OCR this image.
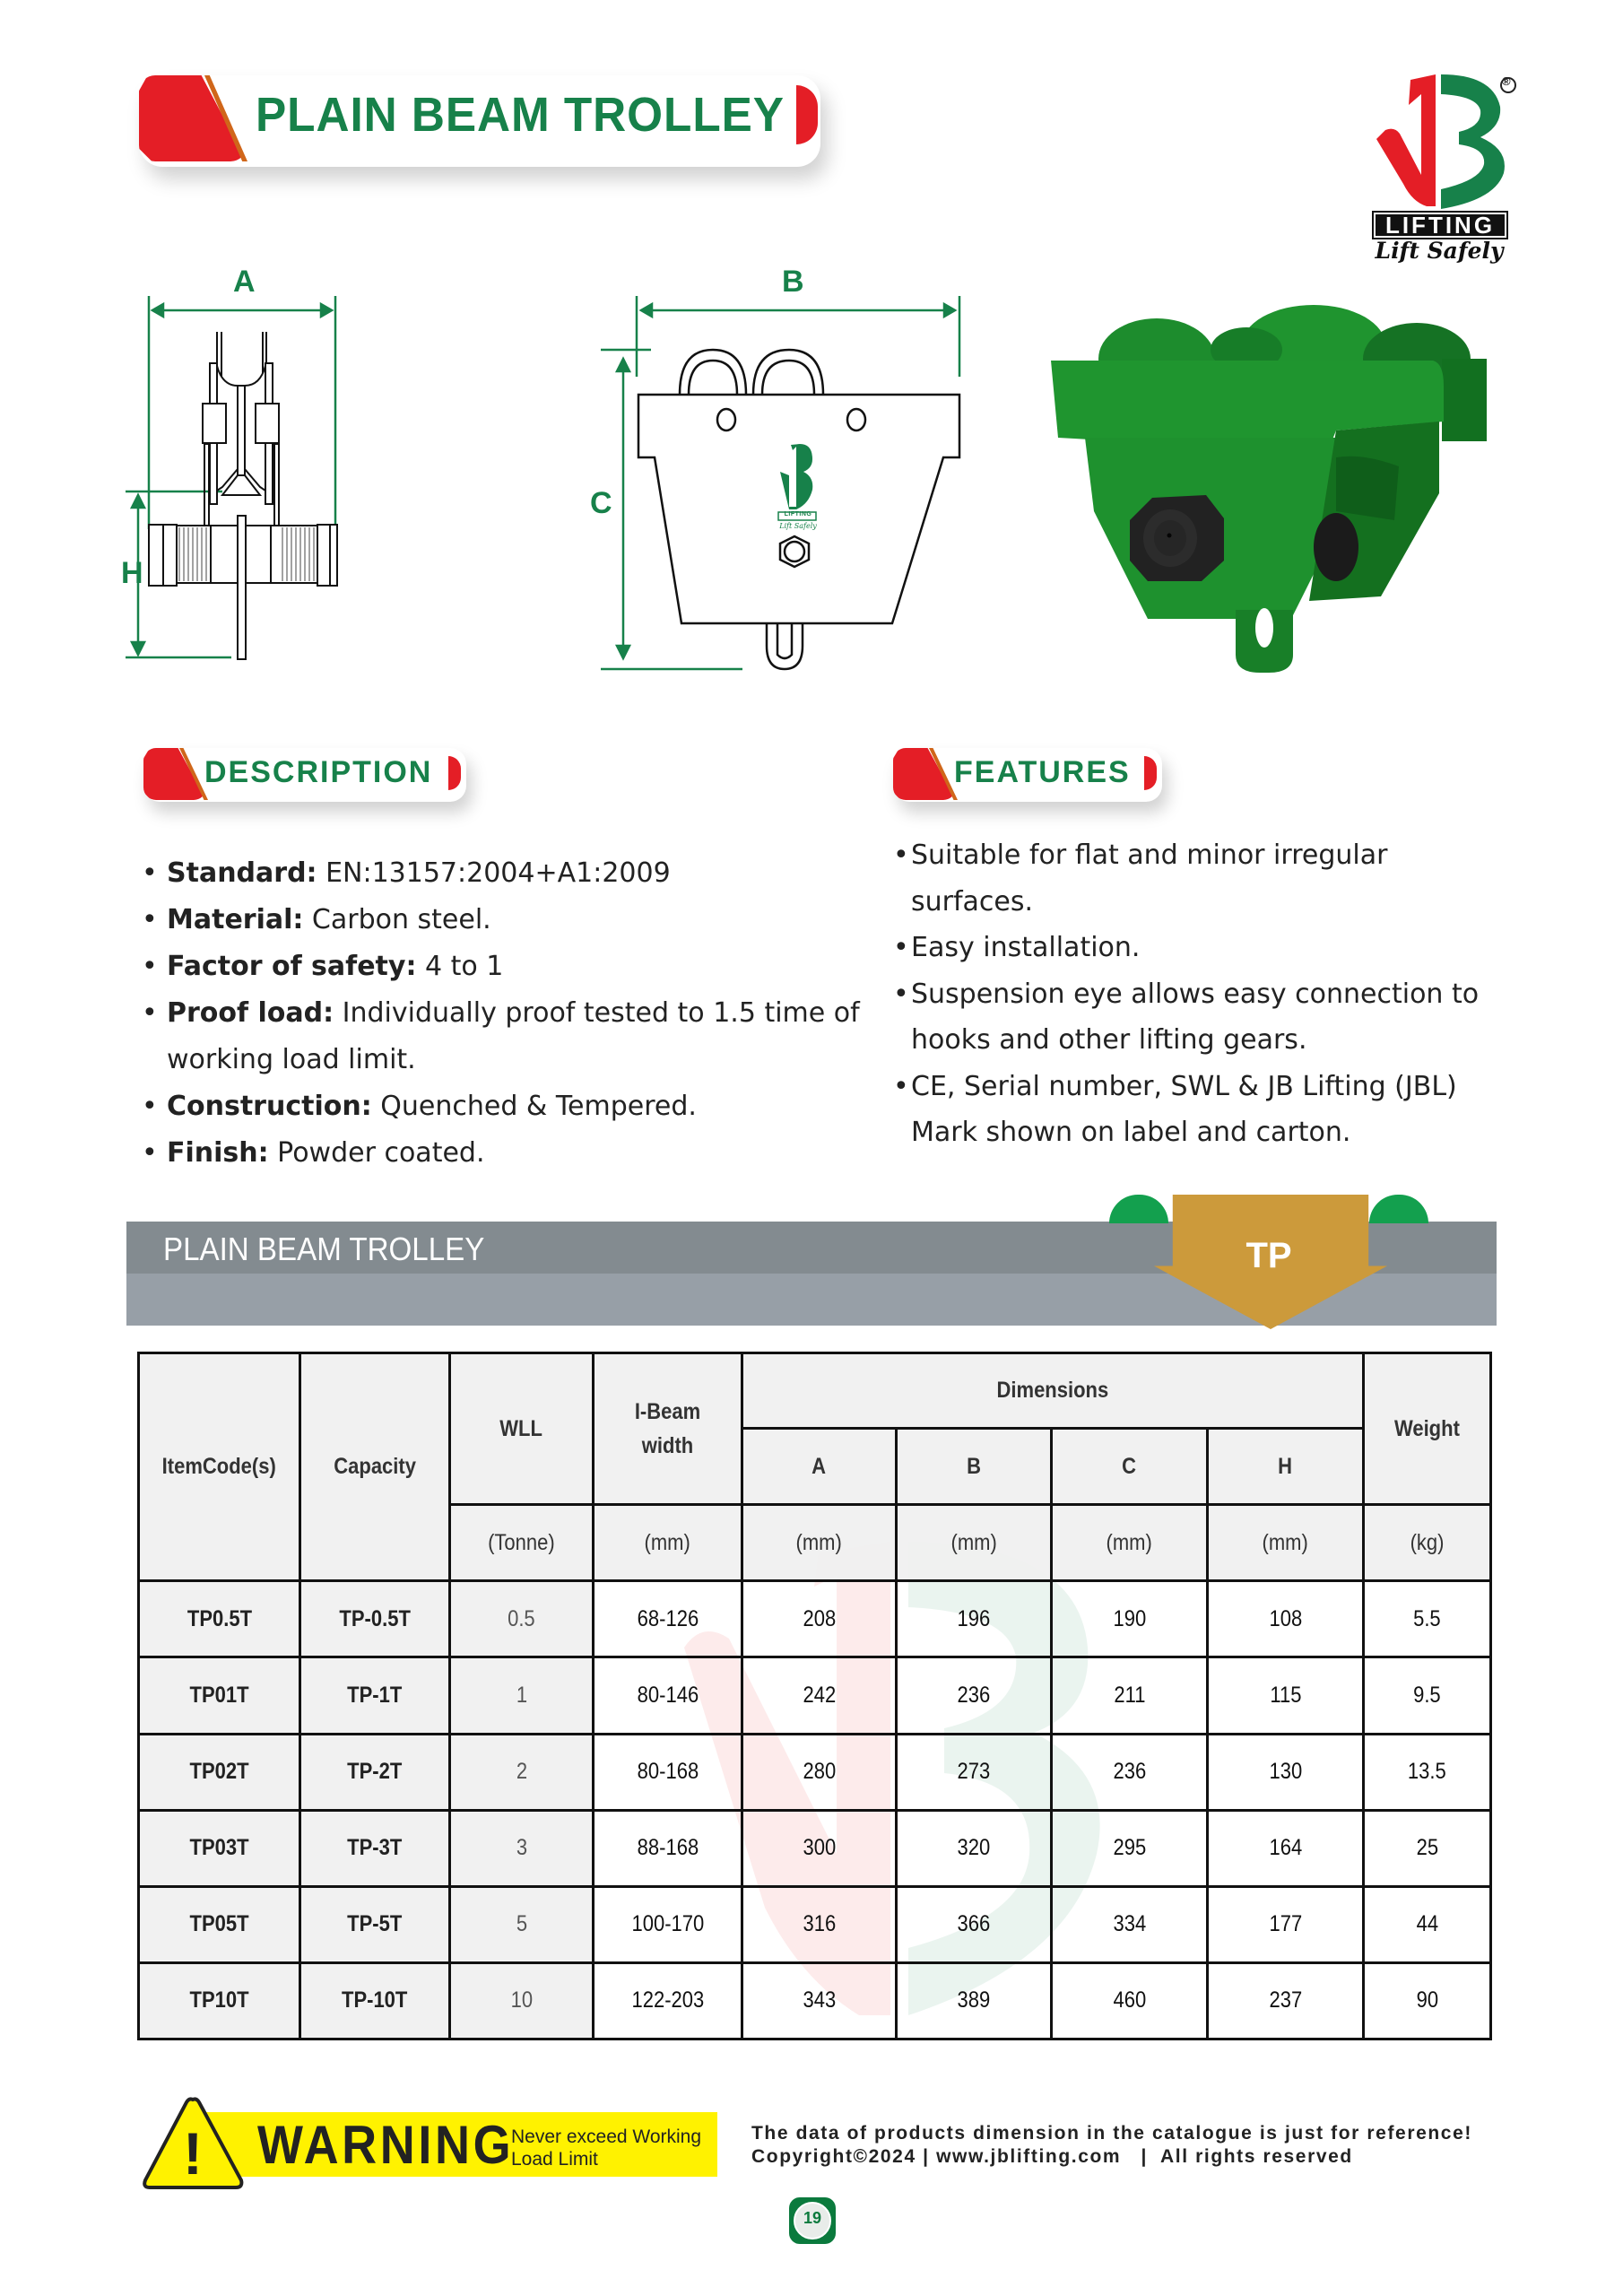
PLAIN BEAM TROLLEY
®
LIFTING
Lift Safely
A
H
B
C	LIFTING
Lift Safely
DESCRIPTION
• Standard: EN:13157:2004+A1:2009
• Material: Carbon steel.
• Factor of safety: 4 to 1
• Proof load: Individually proof tested to 1.5 time of working load limit.
• Construction: Quenched & Tempered.
• Finish: Powder coated.
FEATURES
• Suitable for flat and minor irregular surfaces.
• Easy installation.
• Suspension eye allows easy connection to hooks and other lifting gears.
• CE, Serial number, SWL & JB Lifting (JBL) Mark shown on label and carton.
PLAIN BEAM TROLLEY	TP
ItemCode(s)	Capacity	WLL	I-Beam width	Dimensions				Weight
				A	B	C	H	
		(Tonne)	(mm)	(mm)	(mm)	(mm)	(mm)	(kg)
TP0.5T	TP-0.5T	0.5	68-126	208	196	190	108	5.5
TP01T	TP-1T	1	80-146	242	236	211	115	9.5
TP02T	TP-2T	2	80-168	280	273	236	130	13.5
TP03T	TP-3T	3	88-168	300	320	295	164	25
TP05T	TP-5T	5	100-170	316	366	334	177	44
TP10T	TP-10T	10	122-203	343	389	460	237	90
! WARNING
Never exceed Working
Load Limit
The data of products dimension in the catalogue is just for reference!
Copyright©2024 | www.jblifting.com   |  All rights reserved
19
